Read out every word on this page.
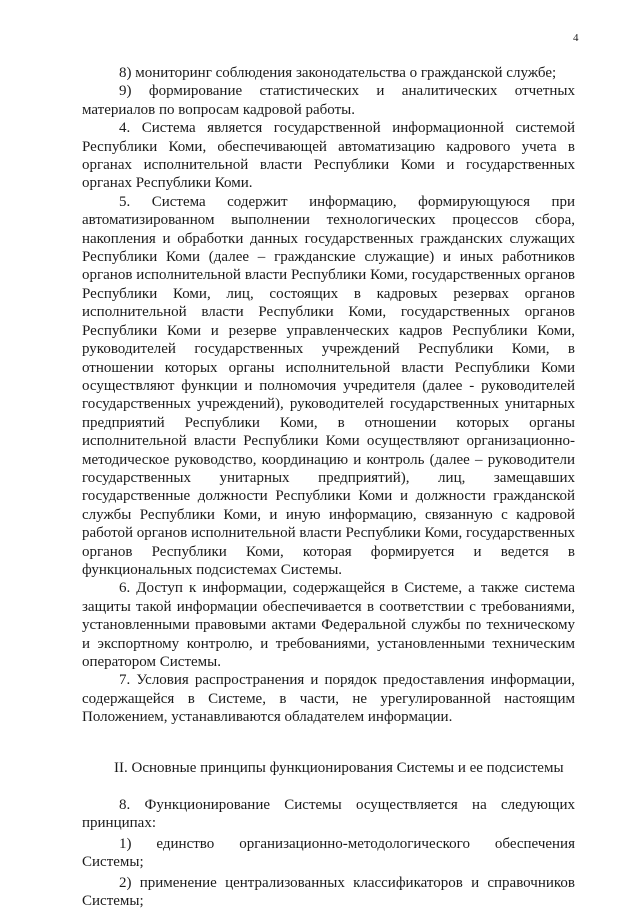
4

8) мониторинг соблюдения законодательства о гражданской службе;

9) формирование статистических и аналитических отчетных материалов по вопросам кадровой работы.

4. Система является государственной информационной системой Республики Коми, обеспечивающей автоматизацию кадрового учета в органах исполнительной власти Республики Коми и государственных органах Республики Коми.

5. Система содержит информацию, формирующуюся при автоматизированном выполнении технологических процессов сбора, накопления и обработки данных государственных гражданских служащих Республики Коми (далее – гражданские служащие) и иных работников органов исполнительной власти Республики Коми, государственных органов Республики Коми, лиц, состоящих в кадровых резервах органов исполнительной власти Республики Коми, государственных органов Республики Коми и резерве управленческих кадров Республики Коми, руководителей государственных учреждений Республики Коми, в отношении которых органы исполнительной власти Республики Коми осуществляют функции и полномочия учредителя (далее - руководителей государственных учреждений), руководителей государственных унитарных предприятий Республики Коми, в отношении которых органы исполнительной власти Республики Коми осуществляют организационно-методическое руководство, координацию и контроль (далее – руководители государственных унитарных предприятий), лиц, замещавших государственные должности Республики Коми и должности гражданской службы Республики Коми, и иную информацию, связанную с кадровой работой органов исполнительной власти Республики Коми, государственных органов Республики Коми, которая формируется и ведется в функциональных подсистемах Системы.

6. Доступ к информации, содержащейся в Системе, а также система защиты такой информации обеспечивается в соответствии с требованиями, установленными правовыми актами Федеральной службы по техническому и экспортному контролю, и требованиями, установленными техническим оператором Системы.

7. Условия распространения и порядок предоставления информации, содержащейся в Системе, в части, не урегулированной настоящим Положением, устанавливаются обладателем информации.

II. Основные принципы функционирования Системы и ее подсистемы

8. Функционирование Системы осуществляется на следующих принципах:

1) единство организационно-методологического обеспечения Системы;

2) применение централизованных классификаторов и справочников Системы;
